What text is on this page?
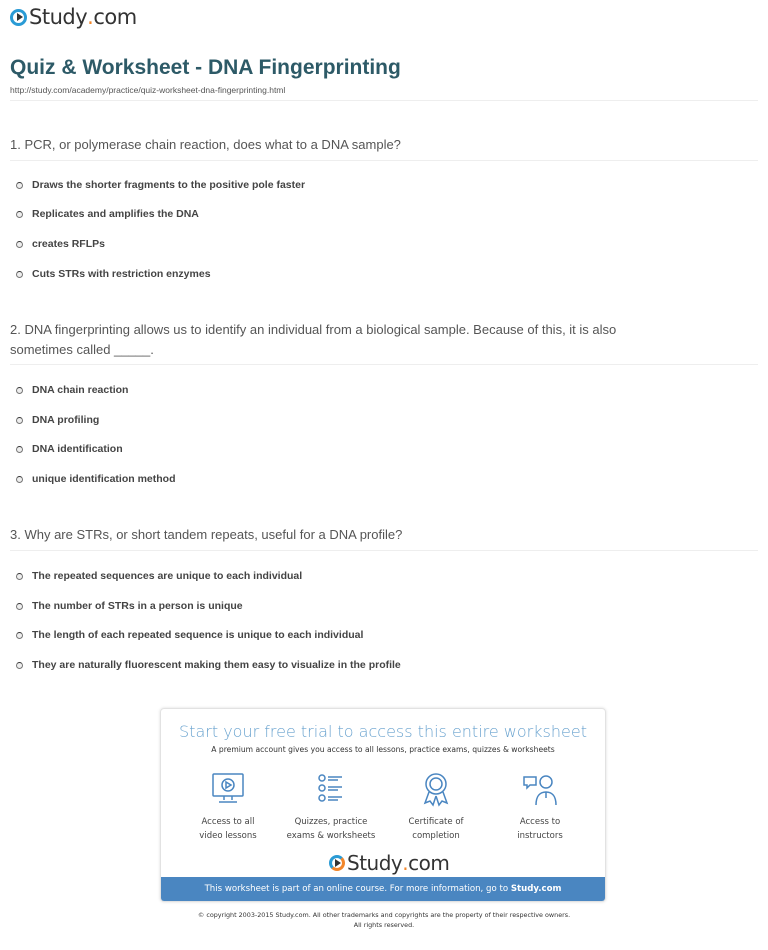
Study . com
Quiz & Worksheet - DNA Fingerprinting
http://study.com/academy/practice/quiz-worksheet-dna-fingerprinting.html
1. PCR, or polymerase chain reaction, does what to a DNA sample?
Draws the shorter fragments to the positive pole faster
Replicates and amplifies the DNA
creates RFLPs
Cuts STRs with restriction enzymes
2. DNA fingerprinting allows us to identify an individual from a biological sample. Because of this, it is also sometimes called _____.
DNA chain reaction
DNA profiling
DNA identification
unique identification method
3. Why are STRs, or short tandem repeats, useful for a DNA profile?
The repeated sequences are unique to each individual
The number of STRs in a person is unique
The length of each repeated sequence is unique to each individual
They are naturally fluorescent making them easy to visualize in the profile
Start your free trial to access this entire worksheet
A premium account gives you access to all lessons, practice exams, quizzes & worksheets
Access to all
video lessons
Quizzes, practice
exams & worksheets
Certificate of
completion
Access to
instructors
Study . com
This worksheet is part of an online course. For more information, go to Study.com
© copyright 2003-2015 Study.com. All other trademarks and copyrights are the property of their respective owners.
All rights reserved.
